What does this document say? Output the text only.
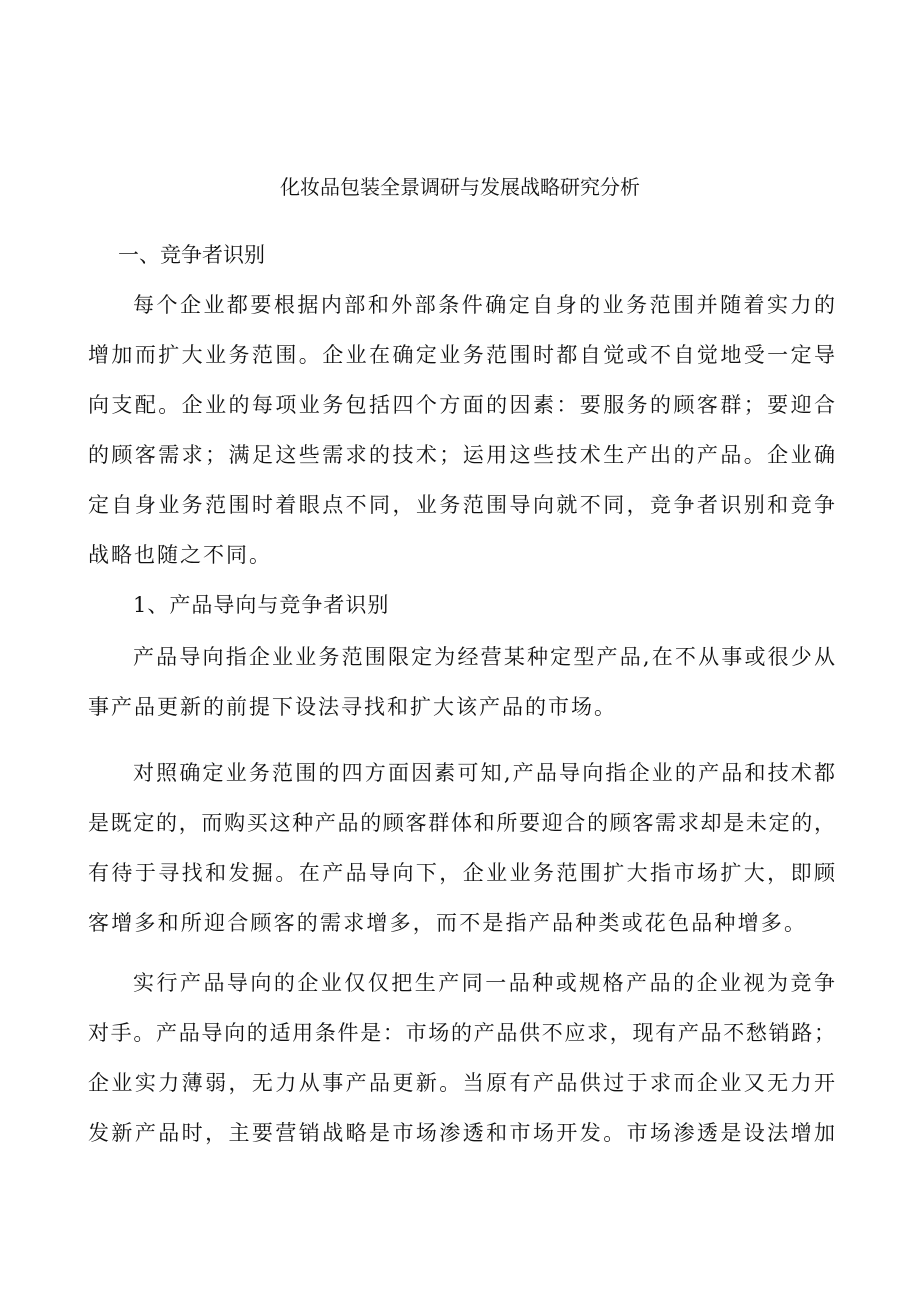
化妆品包装全景调研与发展战略研究分析
一、竞争者识别
每个企业都要根据内部和外部条件确定自身的业务范围并随着实力的
增加而扩大业务范围。企业在确定业务范围时都自觉或不自觉地受一定导
向支配。企业的每项业务包括四个方面的因素：要服务的顾客群；要迎合
的顾客需求；满足这些需求的技术；运用这些技术生产出的产品。企业确
定自身业务范围时着眼点不同，业务范围导向就不同，竞争者识别和竞争
战略也随之不同。
1、产品导向与竞争者识别
产品导向指企业业务范围限定为经营某种定型产品,在不从事或很少从
事产品更新的前提下设法寻找和扩大该产品的市场。
对照确定业务范围的四方面因素可知,产品导向指企业的产品和技术都
是既定的，而购买这种产品的顾客群体和所要迎合的顾客需求却是未定的，
有待于寻找和发掘。在产品导向下，企业业务范围扩大指市场扩大，即顾
客增多和所迎合顾客的需求增多，而不是指产品种类或花色品种增多。
实行产品导向的企业仅仅把生产同一品种或规格产品的企业视为竞争
对手。产品导向的适用条件是：市场的产品供不应求，现有产品不愁销路；
企业实力薄弱，无力从事产品更新。当原有产品供过于求而企业又无力开
发新产品时，主要营销战略是市场渗透和市场开发。市场渗透是设法增加
